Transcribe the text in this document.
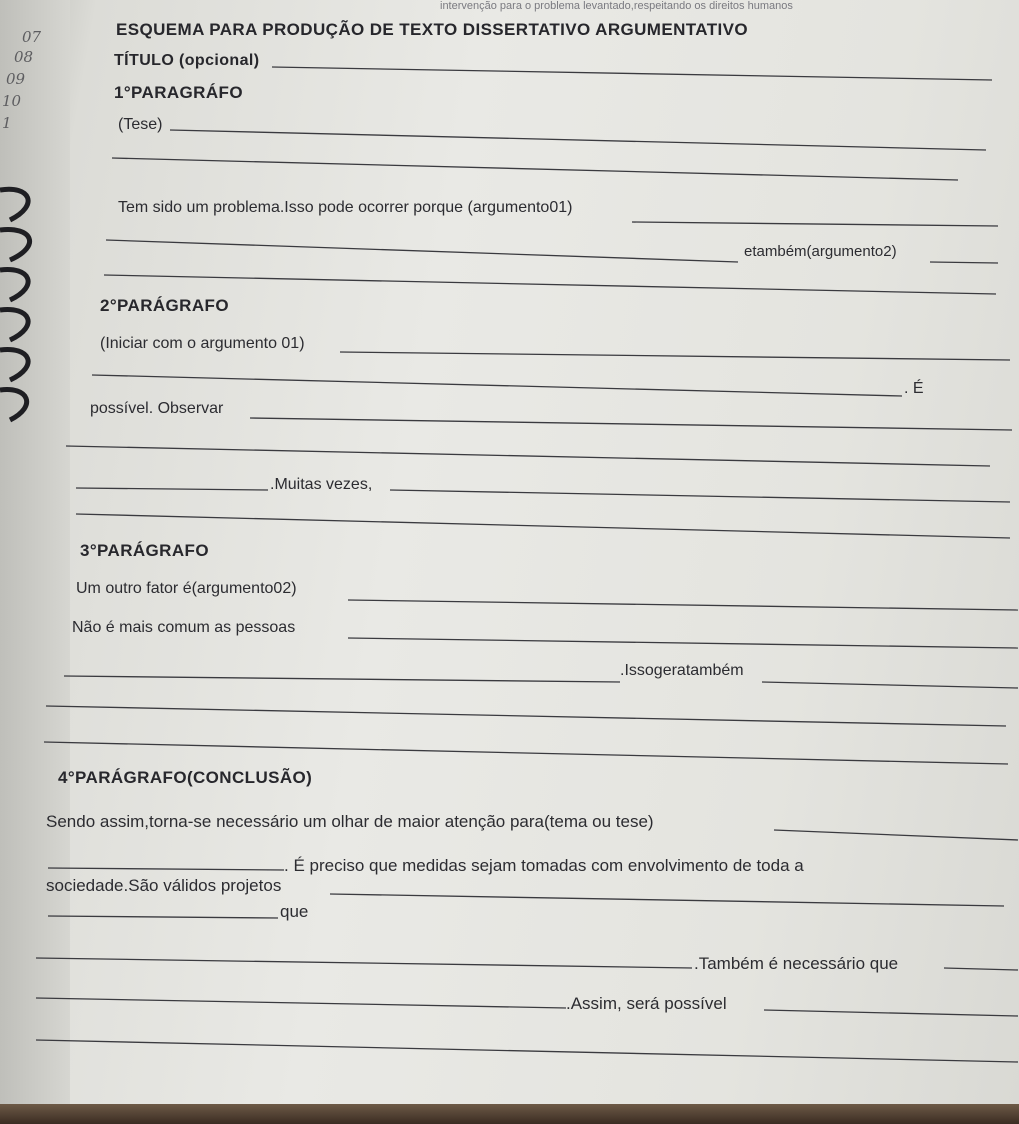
intervenção para o problema levantado,respeitando os direitos humanos
07
08
09
10
1
ESQUEMA PARA PRODUÇÃO DE TEXTO DISSERTATIVO ARGUMENTATIVO
TÍTULO (opcional)
1°PARAGRÁFO
(Tese)
Tem sido um problema.Isso pode ocorrer porque (argumento01)
etambém(argumento2)
2°PARÁGRAFO
(Iniciar com o argumento 01)
. É
possível. Observar
.Muitas vezes,
3°PARÁGRAFO
Um outro fator é(argumento02)
Não é mais comum as pessoas
.Issogeratambém
4°PARÁGRAFO(CONCLUSÃO)
Sendo assim,torna-se necessário um olhar de maior atenção para(tema ou tese)
. É preciso que medidas sejam tomadas com envolvimento de toda a
sociedade.São válidos projetos
que
.Também é necessário que
.Assim, será possível
